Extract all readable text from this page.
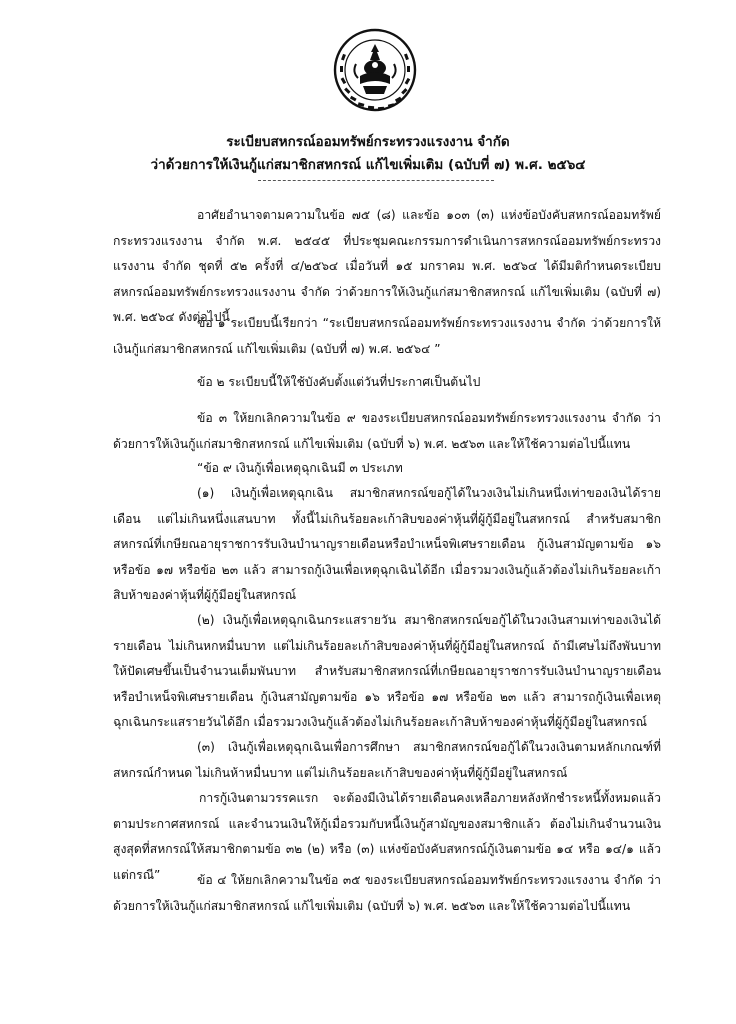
ระเบียบสหกรณ์ออมทรัพย์กระทรวงแรงงาน จำกัด
ว่าด้วยการให้เงินกู้แก่สมาชิกสหกรณ์ แก้ไขเพิ่มเติม (ฉบับที่ ๗) พ.ศ. ๒๕๖๔

อาศัยอำนาจตามความในข้อ ๗๕ (๘) และข้อ ๑๐๓ (๓) แห่งข้อบังคับสหกรณ์ออมทรัพย์กระทรวงแรงงาน จำกัด พ.ศ. ๒๕๔๕ ที่ประชุมคณะกรรมการดำเนินการสหกรณ์ออมทรัพย์กระทรวงแรงงาน จำกัด ชุดที่ ๕๒ ครั้งที่ ๔/๒๕๖๔ เมื่อวันที่ ๑๕ มกราคม พ.ศ. ๒๕๖๔ ได้มีมติกำหนดระเบียบสหกรณ์ออมทรัพย์กระทรวงแรงงาน จำกัด ว่าด้วยการให้เงินกู้แก่สมาชิกสหกรณ์ แก้ไขเพิ่มเติม (ฉบับที่ ๗) พ.ศ. ๒๕๖๔ ดังต่อไปนี้

ข้อ ๑ ระเบียบนี้เรียกว่า “ระเบียบสหกรณ์ออมทรัพย์กระทรวงแรงงาน จำกัด ว่าด้วยการให้เงินกู้แก่สมาชิกสหกรณ์ แก้ไขเพิ่มเติม (ฉบับที่ ๗) พ.ศ. ๒๕๖๔ ”

ข้อ ๒ ระเบียบนี้ให้ใช้บังคับตั้งแต่วันที่ประกาศเป็นต้นไป

ข้อ ๓ ให้ยกเลิกความในข้อ ๙ ของระเบียบสหกรณ์ออมทรัพย์กระทรวงแรงงาน จำกัด ว่าด้วยการให้เงินกู้แก่สมาชิกสหกรณ์ แก้ไขเพิ่มเติม (ฉบับที่ ๖) พ.ศ. ๒๕๖๓ และให้ใช้ความต่อไปนี้แทน

“ข้อ ๙ เงินกู้เพื่อเหตุฉุกเฉินมี ๓ ประเภท

(๑) เงินกู้เพื่อเหตุฉุกเฉิน สมาชิกสหกรณ์ขอกู้ได้ในวงเงินไม่เกินหนึ่งเท่าของเงินได้รายเดือน แต่ไม่เกินหนึ่งแสนบาท ทั้งนี้ไม่เกินร้อยละเก้าสิบของค่าหุ้นที่ผู้กู้มีอยู่ในสหกรณ์ สำหรับสมาชิกสหกรณ์ที่เกษียณอายุราชการรับเงินบำนาญรายเดือนหรือบำเหน็จพิเศษรายเดือน กู้เงินสามัญตามข้อ ๑๖ หรือข้อ ๑๗ หรือข้อ ๒๓ แล้ว สามารถกู้เงินเพื่อเหตุฉุกเฉินได้อีก เมื่อรวมวงเงินกู้แล้วต้องไม่เกินร้อยละเก้าสิบห้าของค่าหุ้นที่ผู้กู้มีอยู่ในสหกรณ์

(๒) เงินกู้เพื่อเหตุฉุกเฉินกระแสรายวัน สมาชิกสหกรณ์ขอกู้ได้ในวงเงินสามเท่าของเงินได้รายเดือน ไม่เกินหกหมื่นบาท แต่ไม่เกินร้อยละเก้าสิบของค่าหุ้นที่ผู้กู้มีอยู่ในสหกรณ์ ถ้ามีเศษไม่ถึงพันบาทให้ปัดเศษขึ้นเป็นจำนวนเต็มพันบาท สำหรับสมาชิกสหกรณ์ที่เกษียณอายุราชการรับเงินบำนาญรายเดือนหรือบำเหน็จพิเศษรายเดือน กู้เงินสามัญตามข้อ ๑๖ หรือข้อ ๑๗ หรือข้อ ๒๓ แล้ว สามารถกู้เงินเพื่อเหตุฉุกเฉินกระแสรายวันได้อีก เมื่อรวมวงเงินกู้แล้วต้องไม่เกินร้อยละเก้าสิบห้าของค่าหุ้นที่ผู้กู้มีอยู่ในสหกรณ์

(๓) เงินกู้เพื่อเหตุฉุกเฉินเพื่อการศึกษา สมาชิกสหกรณ์ขอกู้ได้ในวงเงินตามหลักเกณฑ์ที่สหกรณ์กำหนด ไม่เกินห้าหมื่นบาท แต่ไม่เกินร้อยละเก้าสิบของค่าหุ้นที่ผู้กู้มีอยู่ในสหกรณ์

การกู้เงินตามวรรคแรก จะต้องมีเงินได้รายเดือนคงเหลือภายหลังหักชำระหนี้ทั้งหมดแล้วตามประกาศสหกรณ์ และจำนวนเงินให้กู้เมื่อรวมกับหนี้เงินกู้สามัญของสมาชิกแล้ว ต้องไม่เกินจำนวนเงินสูงสุดที่สหกรณ์ให้สมาชิกตามข้อ ๓๒ (๒) หรือ (๓) แห่งข้อบังคับสหกรณ์กู้เงินตามข้อ ๑๔ หรือ ๑๔/๑ แล้วแต่กรณี”	ข้อ ๔ ให้ยกเลิกความในข้อ ๓๕ ของระเบียบสหกรณ์ออมทรัพย์กระทรวงแรงงาน จำกัด ว่าด้วยการให้เงินกู้แก่สมาชิกสหกรณ์ แก้ไขเพิ่มเติม (ฉบับที่ ๖) พ.ศ. ๒๕๖๓ และให้ใช้ความต่อไปนี้แทน
